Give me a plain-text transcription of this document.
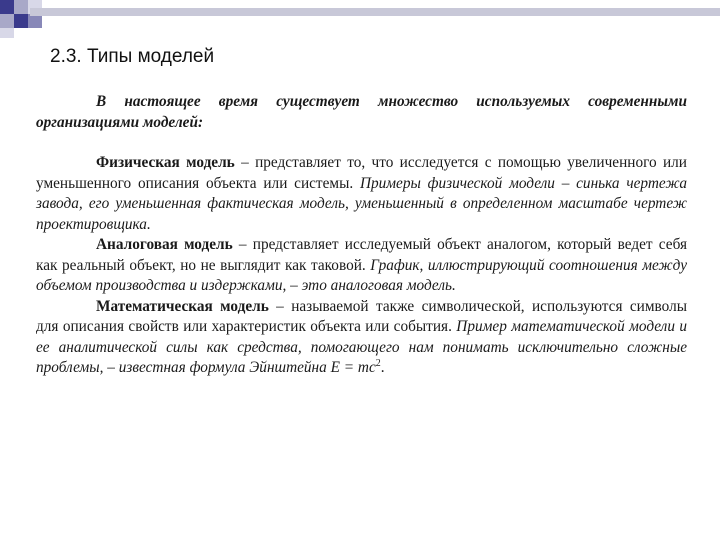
2.3. Типы моделей

В настоящее время существует множество используемых современными организациями моделей:

Физическая модель – представляет то, что исследуется с помощью увеличенного или уменьшенного описания объекта или системы. Примеры физической модели – синька чертежа завода, его уменьшенная фактическая модель, уменьшенный в определенном масштабе чертеж проектировщика.

Аналоговая модель – представляет исследуемый объект аналогом, который ведет себя как реальный объект, но не выглядит как таковой. График, иллюстрирующий соотношения между объемом производства и издержками, – это аналоговая модель.

Математическая модель – называемой также символической, используются символы для описания свойств или характеристик объекта или события. Пример математической модели и ее аналитической силы как средства, помогающего нам понимать исключительно сложные проблемы, – известная формула Эйнштейна $E = mc^2$.
